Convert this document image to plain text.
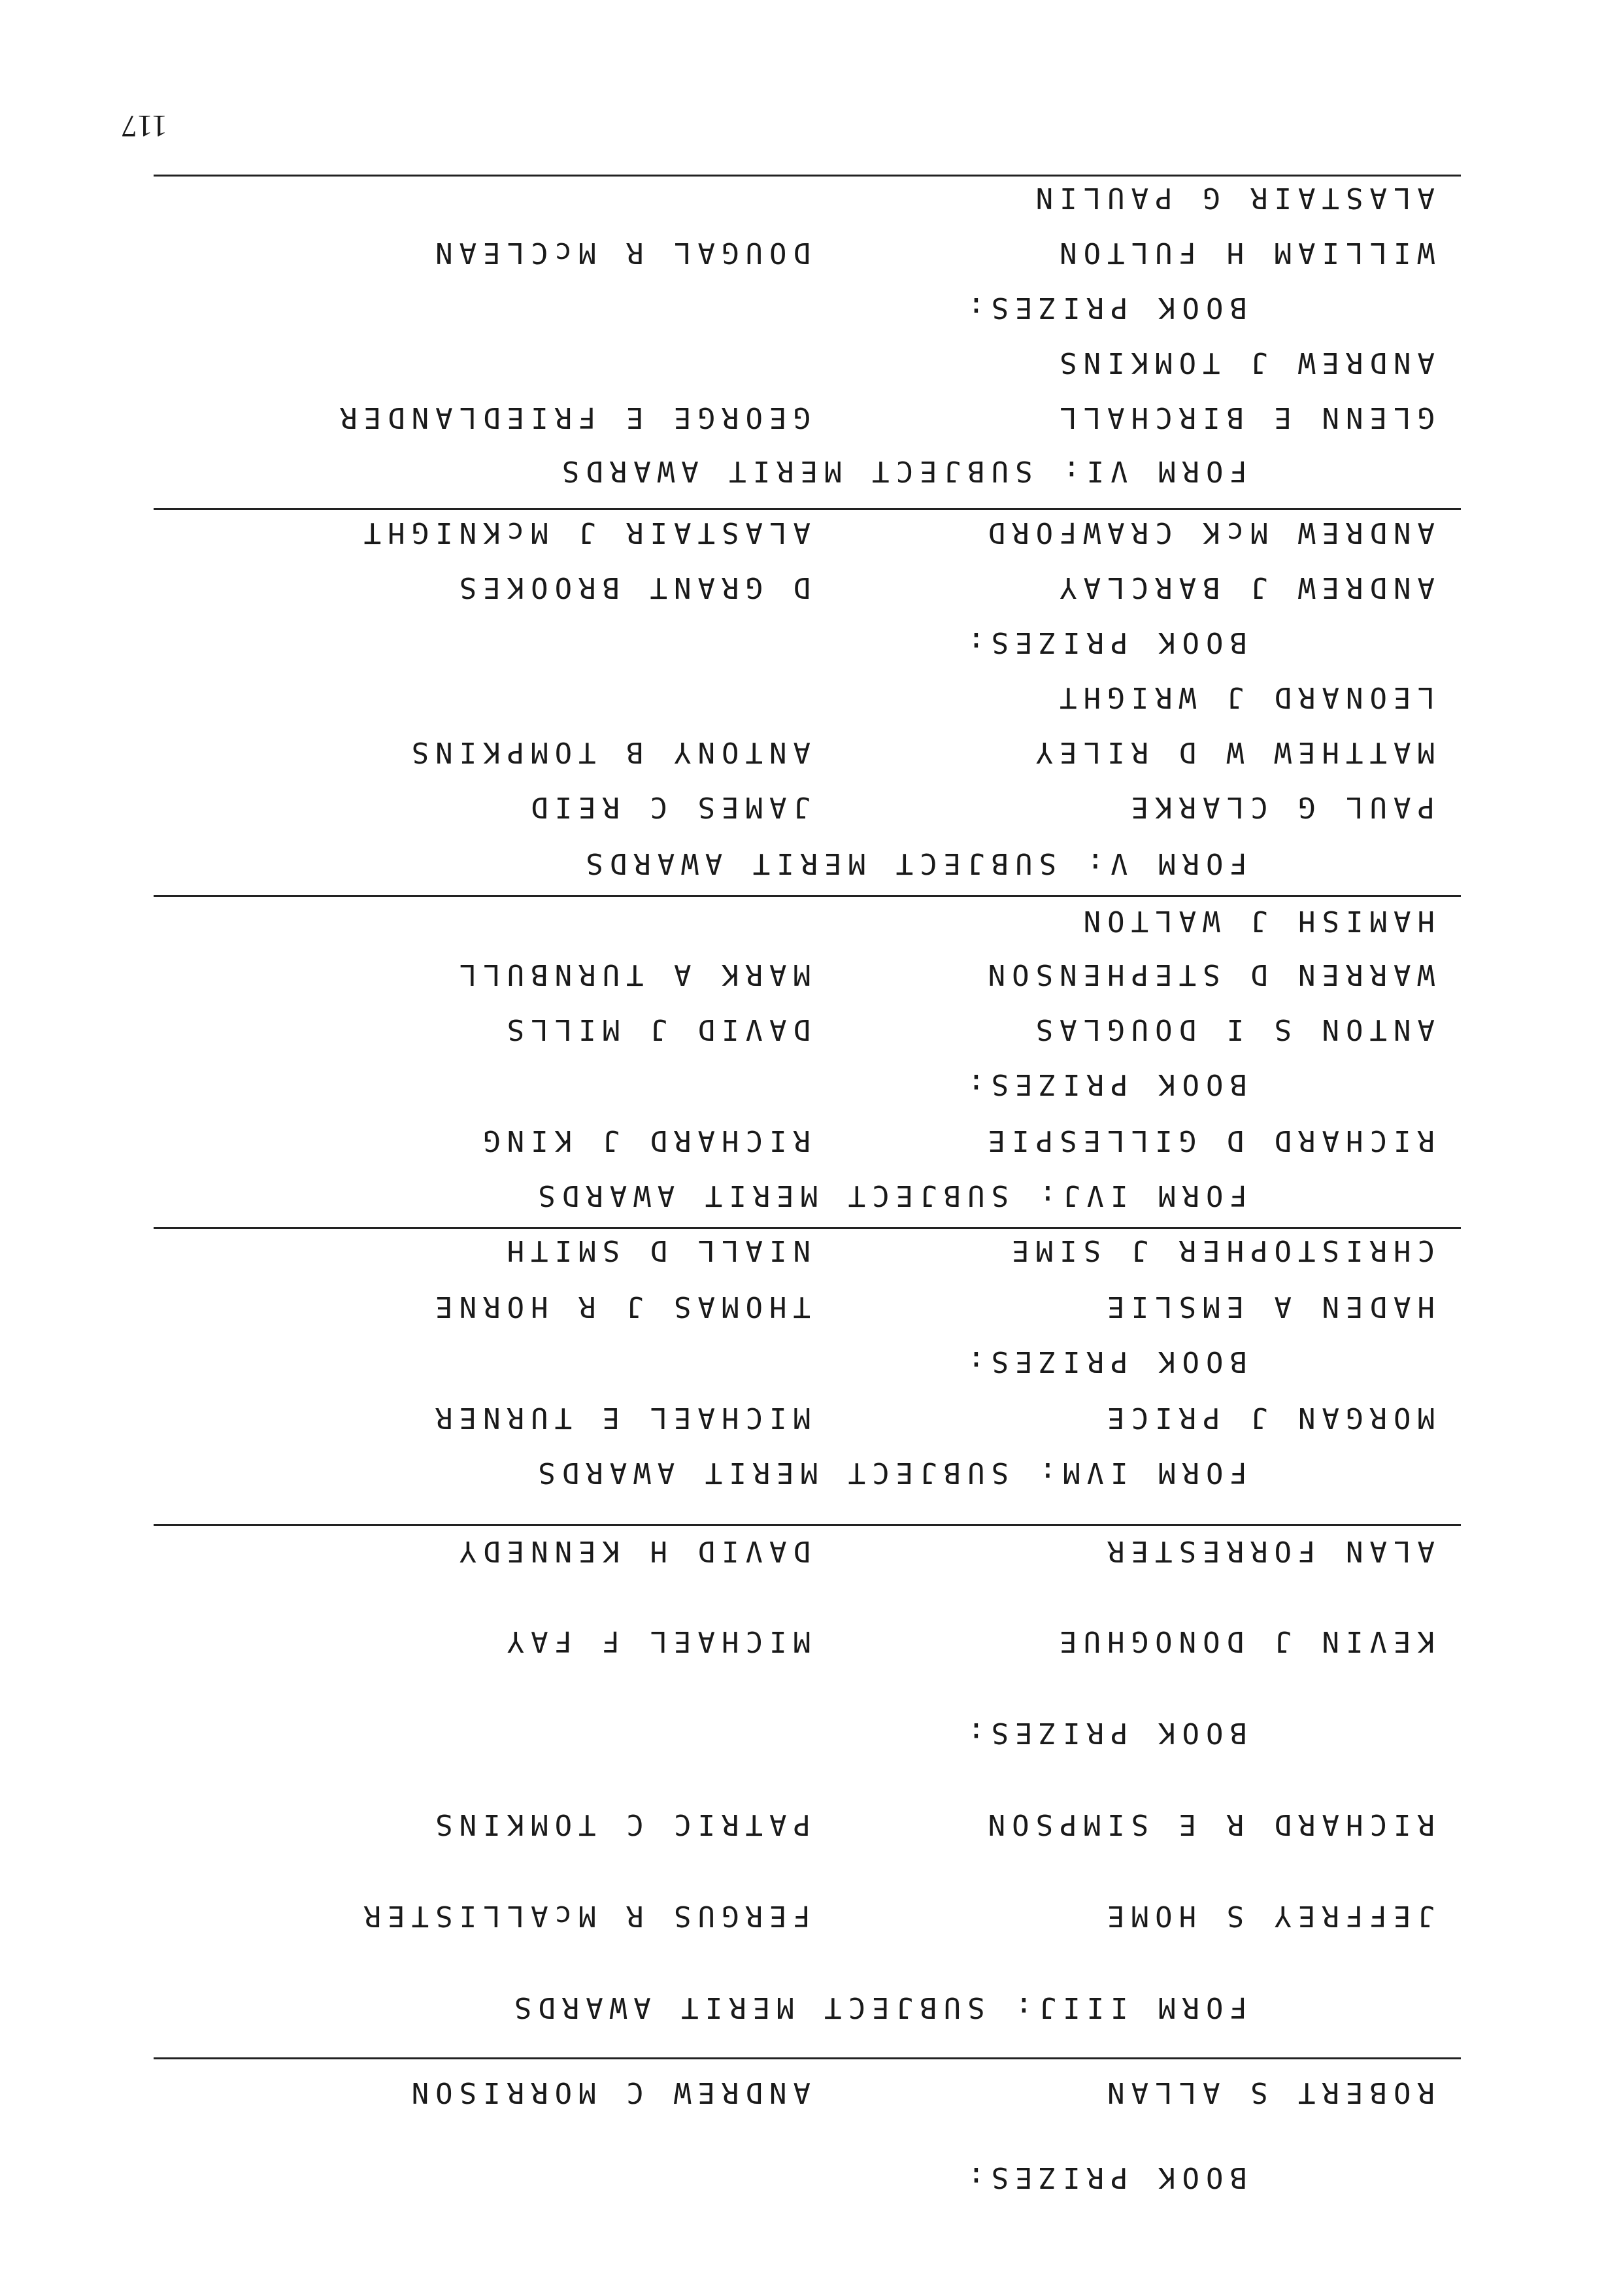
BOOK PRIZES:
ROBERT S ALLAN
ANDREW C MORRISON
FORM IIIJ: SUBJECT MERIT AWARDS
JEFFREY S HOME
FERGUS R McALLISTER
RICHARD R E SIMPSON
PATRIC C TOMKINS
BOOK PRIZES:
KEVIN J DONOGHUE
MICHAEL F FAY
ALAN FORRESTER
DAVID H KENNEDY
FORM IVM: SUBJECT MERIT AWARDS
MORGAN J PRICE
MICHAEL E TURNER
BOOK PRIZES:
HADEN A EMSLIE
THOMAS J R HORNE
CHRISTOPHER J SIME
NIALL D SMITH
FORM IVJ: SUBJECT MERIT AWARDS
RICHARD D GILLESPIE
RICHARD J KING
BOOK PRIZES:
ANTON S I DOUGLAS
DAVID J MILLS
WARREN D STEPHENSON
MARK A TURNBULL
HAMISH J WALTON
FORM V: SUBJECT MERIT AWARDS
PAUL G CLARKE
JAMES C REID
MATTHEW W D RILEY
ANTONY B TOMPKINS
LEONARD J WRIGHT
BOOK PRIZES:
ANDREW J BARCLAY
D GRANT BROOKES
ANDREW McK CRAWFORD
ALASTAIR J McKNIGHT
FORM VI: SUBJECT MERIT AWARDS
GLENN E BIRCHALL
GEORGE E FRIEDLANDER
ANDREW J TOMKINS
BOOK PRIZES:
WILLIAM H FULTON
DOUGAL R McCLEAN
ALASTAIR G PAULIN
117
